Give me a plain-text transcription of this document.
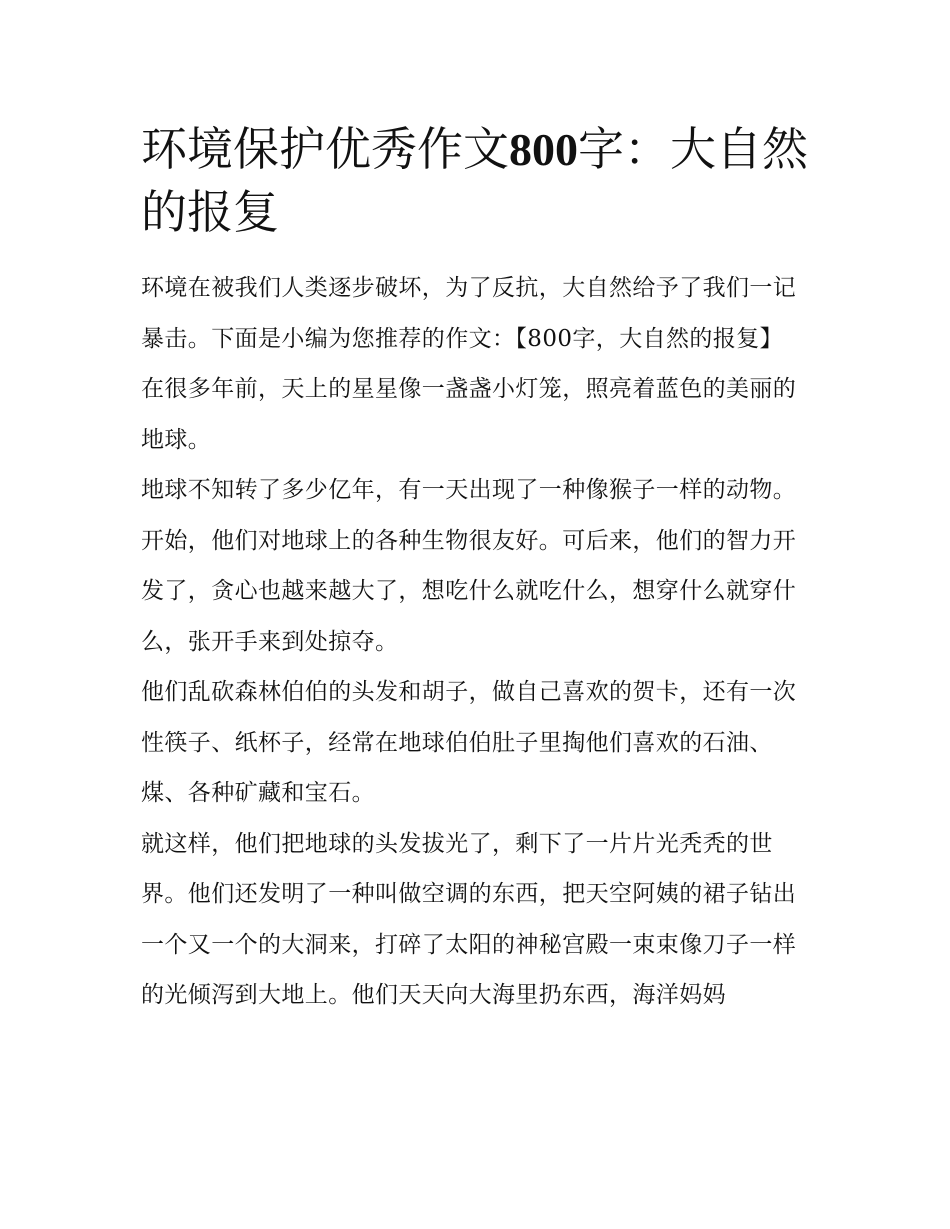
环境保护优秀作文800字：大自然的报复

环境在被我们人类逐步破坏，为了反抗，大自然给予了我们一记暴击。下面是小编为您推荐的作文：【800字，大自然的报复】

在很多年前，天上的星星像一盏盏小灯笼，照亮着蓝色的美丽的地球。

地球不知转了多少亿年，有一天出现了一种像猴子一样的动物。开始，他们对地球上的各种生物很友好。可后来，他们的智力开发了，贪心也越来越大了，想吃什么就吃什么，想穿什么就穿什么，张开手来到处掠夺。

他们乱砍森林伯伯的头发和胡子，做自己喜欢的贺卡，还有一次性筷子、纸杯子，经常在地球伯伯肚子里掏他们喜欢的石油、煤、各种矿藏和宝石。

就这样，他们把地球的头发拔光了，剩下了一片片光秃秃的世界。他们还发明了一种叫做空调的东西，把天空阿姨的裙子钻出一个又一个的大洞来，打碎了太阳的神秘宫殿一束束像刀子一样的光倾泻到大地上。他们天天向大海里扔东西，海洋妈妈
